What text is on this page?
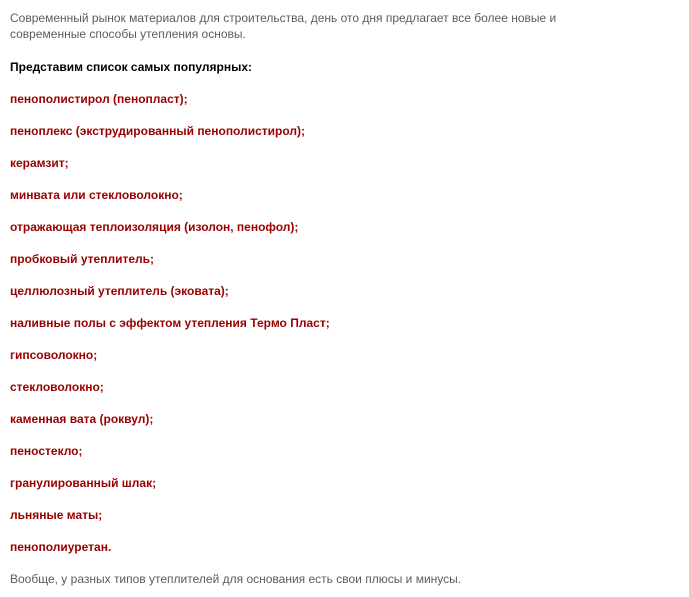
Современный рынок материалов для строительства, день ото дня предлагает все более новые и современные способы утепления основы.

Представим список самых популярных:

пенополистирол (пенопласт);
пеноплекс (экструдированный пенополистирол);
керамзит;
минвата или стекловолокно;
отражающая теплоизоляция (изолон, пенофол);
пробковый утеплитель;
целлюлозный утеплитель (эковата);
наливные полы с эффектом утепления Термо Пласт;
гипсоволокно;
стекловолокно;
каменная вата (роквул);
пеностекло;
гранулированный шлак;
льняные маты;
пенополиуретан.

Вообще, у разных типов утеплителей для основания есть свои плюсы и минусы.
